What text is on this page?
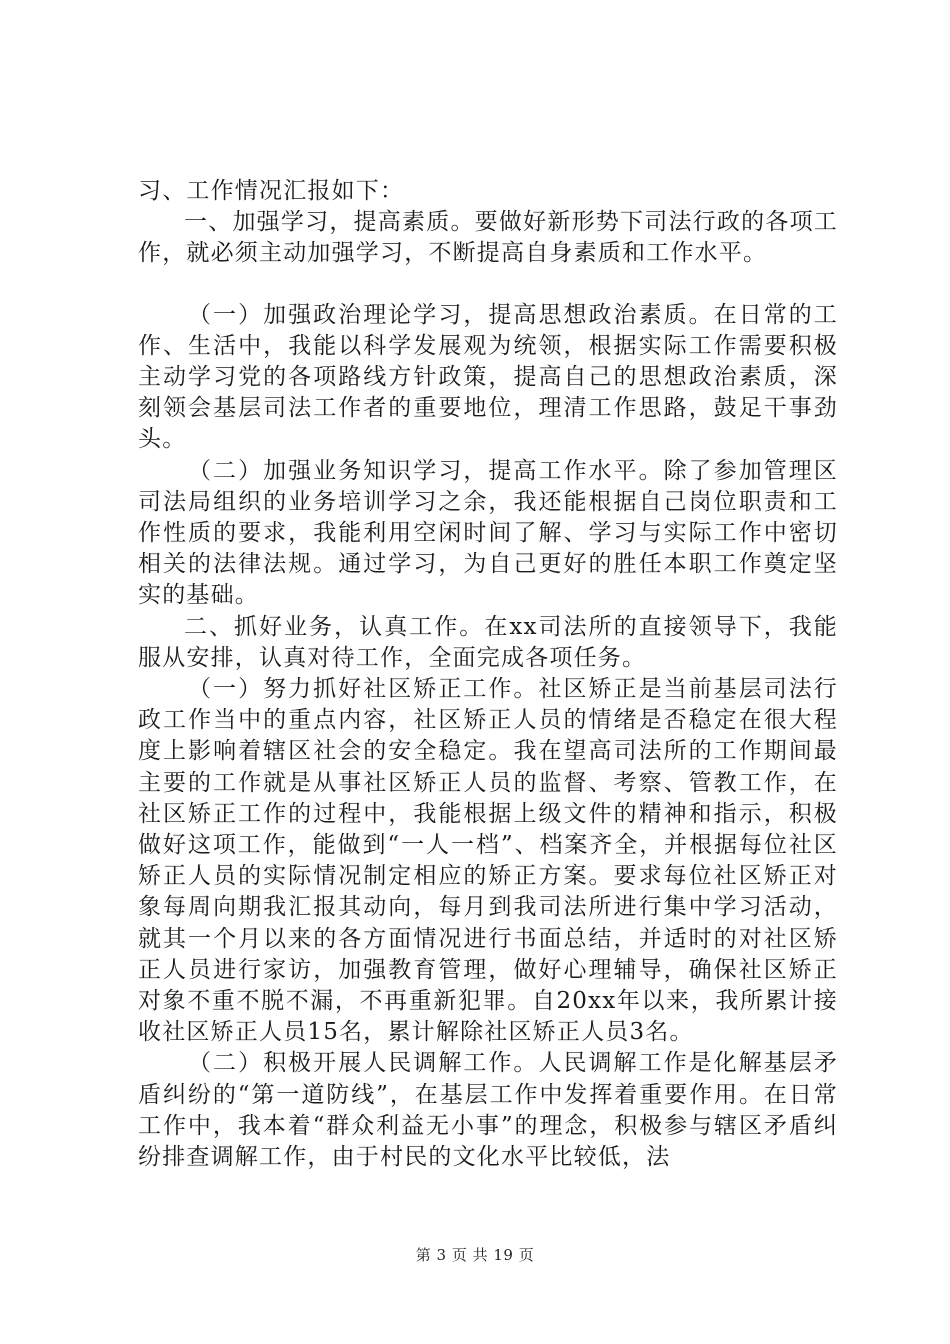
习、工作情况汇报如下：

一、加强学习，提高素质。要做好新形势下司法行政的各项工作，就必须主动加强学习，不断提高自身素质和工作水平。

（一）加强政治理论学习，提高思想政治素质。在日常的工作、生活中，我能以科学发展观为统领，根据实际工作需要积极主动学习党的各项路线方针政策，提高自己的思想政治素质，深刻领会基层司法工作者的重要地位，理清工作思路，鼓足干事劲头。

（二）加强业务知识学习，提高工作水平。除了参加管理区司法局组织的业务培训学习之余，我还能根据自己岗位职责和工作性质的要求，我能利用空闲时间了解、学习与实际工作中密切相关的法律法规。通过学习，为自己更好的胜任本职工作奠定坚实的基础。

二、抓好业务，认真工作。在xx司法所的直接领导下，我能服从安排，认真对待工作，全面完成各项任务。

（一）努力抓好社区矫正工作。社区矫正是当前基层司法行政工作当中的重点内容，社区矫正人员的情绪是否稳定在很大程度上影响着辖区社会的安全稳定。我在望高司法所的工作期间最主要的工作就是从事社区矫正人员的监督、考察、管教工作，在社区矫正工作的过程中，我能根据上级文件的精神和指示，积极做好这项工作，能做到“一人一档”、档案齐全，并根据每位社区矫正人员的实际情况制定相应的矫正方案。要求每位社区矫正对象每周向期我汇报其动向，每月到我司法所进行集中学习活动，就其一个月以来的各方面情况进行书面总结，并适时的对社区矫正人员进行家访，加强教育管理，做好心理辅导，确保社区矫正对象不重不脱不漏，不再重新犯罪。自20xx年以来，我所累计接收社区矫正人员15名，累计解除社区矫正人员3名。

（二）积极开展人民调解工作。人民调解工作是化解基层矛盾纠纷的“第一道防线”，在基层工作中发挥着重要作用。在日常工作中，我本着“群众利益无小事”的理念，积极参与辖区矛盾纠纷排查调解工作，由于村民的文化水平比较低，法

第 3 页 共 19 页
